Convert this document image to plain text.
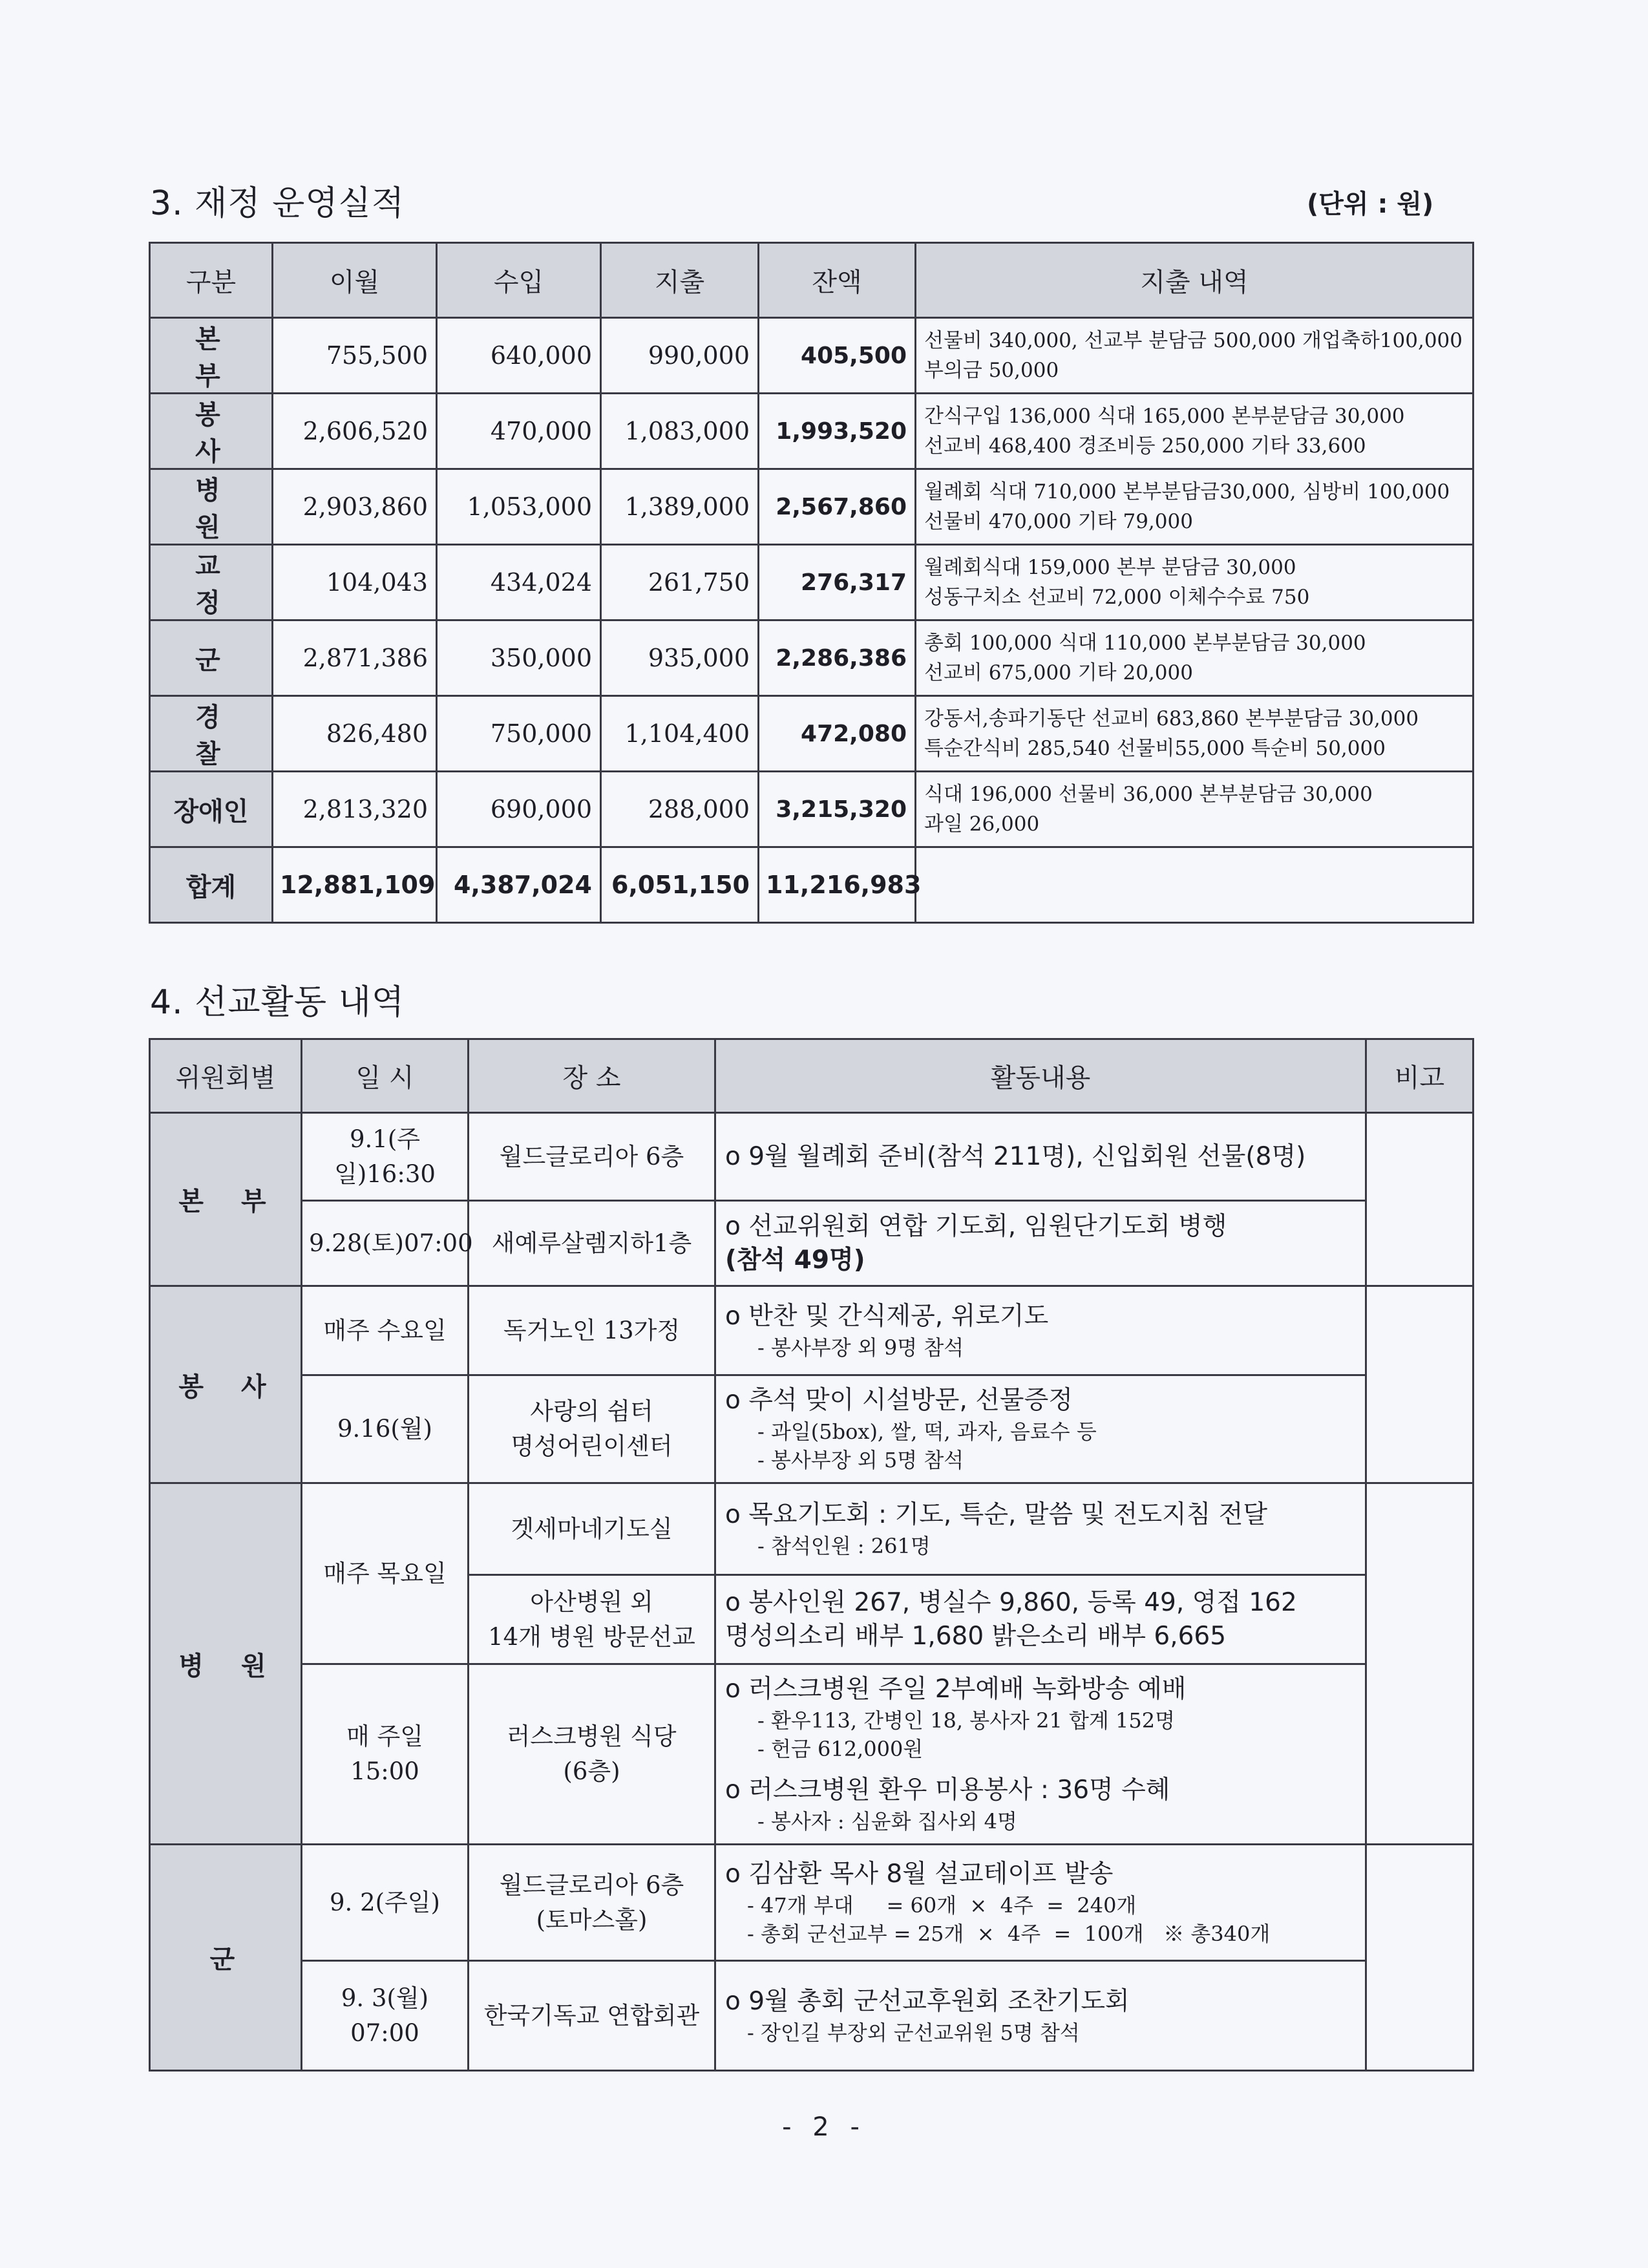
3. 재정 운영실적	(단위 : 원)
구분	이월	수입	지출	잔액	지출 내역
본 부	755,500	640,000	990,000	405,500	선물비 340,000, 선교부 분담금 500,000 개업축하100,000
부의금 50,000

봉 사	2,606,520	470,000	1,083,000	1,993,520	간식구입 136,000 식대 165,000 본부분담금 30,000
선교비 468,400 경조비등 250,000 기타 33,600

병 원	2,903,860	1,053,000	1,389,000	2,567,860	월례회 식대 710,000 본부분담금30,000, 심방비 100,000
선물비 470,000 기타 79,000

교 정	104,043	434,024	261,750	276,317	월례회식대 159,000 본부 분담금 30,000
성동구치소 선교비 72,000 이체수수료 750

군	2,871,386	350,000	935,000	2,286,386	총회 100,000 식대 110,000 본부분담금 30,000
선교비 675,000 기타 20,000

경 찰	826,480	750,000	1,104,400	472,080	강동서,송파기동단 선교비 683,860 본부분담금 30,000
특순간식비 285,540 선물비55,000 특순비 50,000

장애인	2,813,320	690,000	288,000	3,215,320	식대 196,000 선물비 36,000 본부분담금 30,000
과일 26,000

합계	12,881,109	4,387,024	6,051,150	11,216,983	
4. 선교활동 내역
위원회별	일 시	장 소	활동내용	비고
본 부	9.1(주일)16:30	월드글로리아 6층	o 9월 월례회 준비(참석 211명), 신입회원 선물(8명)	

	9.28(토)07:00	새예루살렘지하1층	o 선교위원회 연합 기도회, 임원단기도회 병행
(참석 49명)	

봉 사	매주 수요일	독거노인 13가정	o 반찬 및 간식제공, 위로기도
- 봉사부장 외 9명 참석	

	9.16(월)	사랑의 쉼터
명성어린이센터	o 추석 맞이 시설방문, 선물증정
- 과일(5box), 쌀, 떡, 과자, 음료수 등
- 봉사부장 외 5명 참석	

병 원	매주 목요일	겟세마네기도실	o 목요기도회 : 기도, 특순, 말씀 및 전도지침 전달
- 참석인원 : 261명	

		아산병원 외
14개 병원 방문선교	o 봉사인원 267, 병실수 9,860, 등록 49, 영접 162
명성의소리 배부 1,680 밝은소리 배부 6,665	

	매 주일
15:00	러스크병원 식당
(6층)	o 러스크병원 주일 2부예배 녹화방송 예배
- 환우113, 간병인 18, 봉사자 21 합계 152명
- 헌금 612,000원
o 러스크병원 환우 미용봉사 : 36명 수혜
- 봉사자 : 심윤화 집사외 4명	

군	9. 2(주일)	월드글로리아 6층
(토마스홀)	o 김삼환 목사 8월 설교테이프 발송
- 47개 부대     = 60개  ×  4주  =  240개
- 총회 군선교부 = 25개  ×  4주  =  100개   ※ 총340개	

	9. 3(월)
07:00	한국기독교 연합회관	o 9월 총회 군선교후원회 조찬기도회
- 장인길 부장외 군선교위원 5명 참석	
- 2 -
